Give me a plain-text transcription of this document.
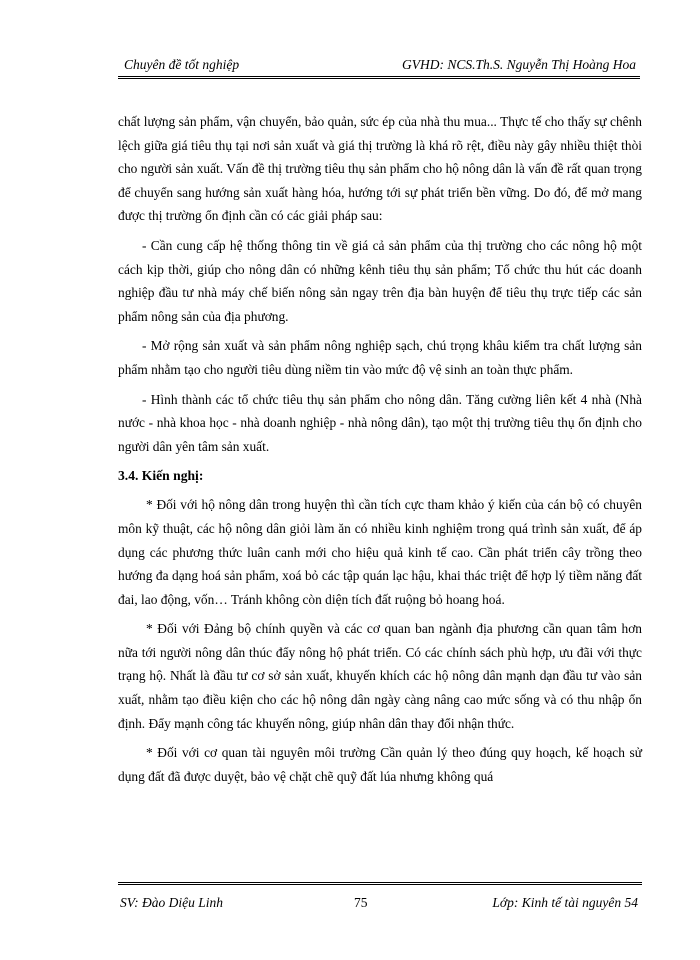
Chuyên đề tốt nghiệp	GVHD: NCS.Th.S. Nguyễn Thị Hoàng Hoa

chất lượng sản phẩm, vận chuyển, bảo quản, sức ép của nhà thu mua... Thực tế cho thấy sự chênh lệch giữa giá tiêu thụ tại nơi sản xuất và giá thị trường là khá rõ rệt, điều này gây nhiều thiệt thòi cho người sản xuất. Vấn đề thị trường tiêu thụ sản phẩm cho hộ nông dân là vấn đề rất quan trọng để chuyển sang hướng sản xuất hàng hóa, hướng tới sự phát triển bền vững. Do đó, để mở mang được thị trường ổn định cần có các giải pháp sau:

- Cần cung cấp hệ thống thông tin về giá cả sản phẩm của thị trường cho các nông hộ một cách kịp thời, giúp cho nông dân có những kênh tiêu thụ sản phẩm; Tổ chức thu hút các doanh nghiệp đầu tư nhà máy chế biến nông sản ngay trên địa bàn huyện để tiêu thụ trực tiếp các sản phẩm nông sản của địa phương.

- Mở rộng sản xuất và sản phẩm nông nghiệp sạch, chú trọng khâu kiểm tra chất lượng sản phẩm nhằm tạo cho người tiêu dùng niềm tin vào mức độ vệ sinh an toàn thực phẩm.

- Hình thành các tổ chức tiêu thụ sản phẩm cho nông dân. Tăng cường liên kết 4 nhà (Nhà nước - nhà khoa học - nhà doanh nghiệp - nhà nông dân), tạo một thị trường tiêu thụ ổn định cho người dân yên tâm sản xuất.

3.4. Kiến nghị:

* Đối với hộ nông dân trong huyện thì cần tích cực tham khảo ý kiến của cán bộ có chuyên môn kỹ thuật, các hộ nông dân giỏi làm ăn có nhiều kinh nghiệm trong quá trình sản xuất, để áp dụng các phương thức luân canh mới cho hiệu quả kinh tế cao. Cần phát triển cây trồng theo hướng đa dạng hoá sản phẩm, xoá bỏ các tập quán lạc hậu, khai thác triệt để hợp lý tiềm năng đất đai, lao động, vốn… Tránh không còn diện tích đất ruộng bỏ hoang hoá.

* Đối với Đảng bộ chính quyền và các cơ quan ban ngành địa phương cần quan tâm hơn nữa tới người nông dân thúc đẩy nông hộ phát triển. Có các chính sách phù hợp, ưu đãi với thực trạng hộ. Nhất là đầu tư cơ sở sản xuất, khuyến khích các hộ nông dân mạnh dạn đầu tư vào sản xuất, nhằm tạo điều kiện cho các hộ nông dân ngày càng nâng cao mức sống và có thu nhập ổn định. Đẩy mạnh công tác khuyến nông, giúp nhân dân thay đổi nhận thức.

* Đối với cơ quan tài nguyên môi trường Cần quản lý theo đúng quy hoạch, kế hoạch sử dụng đất đã được duyệt, bảo vệ chặt chẽ quỹ đất lúa nhưng không quá

SV: Đào Diệu Linh	75	Lớp: Kinh tế tài nguyên 54
